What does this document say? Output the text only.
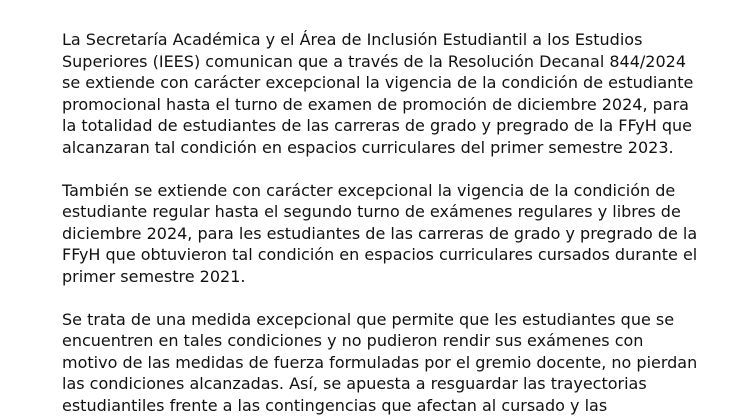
La Secretaría Académica y el Área de Inclusión Estudiantil a los Estudios
Superiores (IEES) comunican que a través de la Resolución Decanal 844/2024
se extiende con carácter excepcional la vigencia de la condición de estudiante
promocional hasta el turno de examen de promoción de diciembre 2024, para
la totalidad de estudiantes de las carreras de grado y pregrado de la FFyH que
alcanzaran tal condición en espacios curriculares del primer semestre 2023.

También se extiende con carácter excepcional la vigencia de la condición de
estudiante regular hasta el segundo turno de exámenes regulares y libres de
diciembre 2024, para les estudiantes de las carreras de grado y pregrado de la
FFyH que obtuvieron tal condición en espacios curriculares cursados durante el
primer semestre 2021.

Se trata de una medida excepcional que permite que les estudiantes que se
encuentren en tales condiciones y no pudieron rendir sus exámenes con
motivo de las medidas de fuerza formuladas por el gremio docente, no pierdan
las condiciones alcanzadas. Así, se apuesta a resguardar las trayectorias
estudiantiles frente a las contingencias que afectan al cursado y las
